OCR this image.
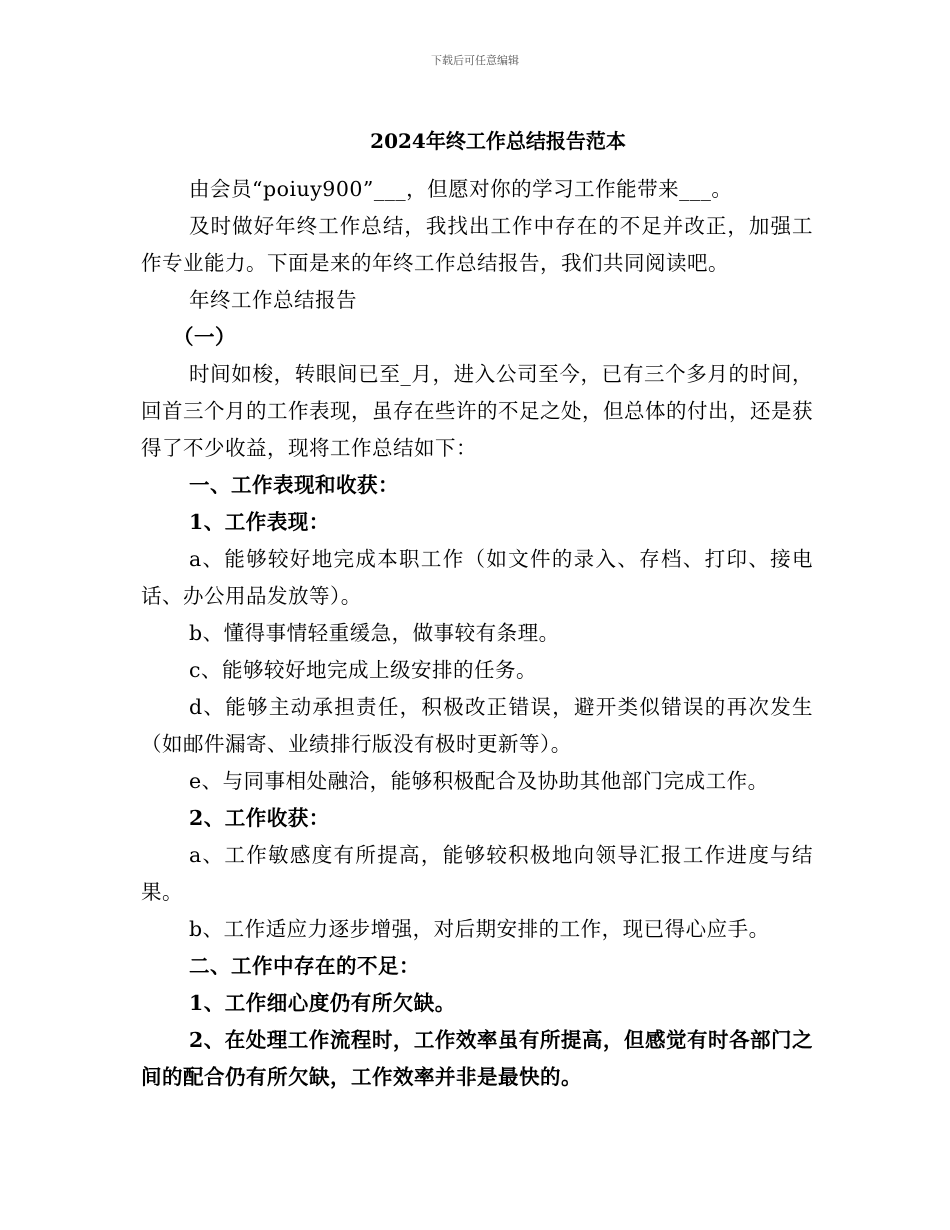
下载后可任意编辑
2024年终工作总结报告范本

由会员“poiuy900”___，但愿对你的学习工作能带来___。

及时做好年终工作总结，我找出工作中存在的不足并改正，加强工作专业能力。下面是来的年终工作总结报告，我们共同阅读吧。

年终工作总结报告

（一）

时间如梭，转眼间已至_月，进入公司至今，已有三个多月的时间，回首三个月的工作表现，虽存在些许的不足之处，但总体的付出，还是获得了不少收益，现将工作总结如下：

一、工作表现和收获：

1、工作表现：

a、能够较好地完成本职工作（如文件的录入、存档、打印、接电话、办公用品发放等）。

b、懂得事情轻重缓急，做事较有条理。

c、能够较好地完成上级安排的任务。

d、能够主动承担责任，积极改正错误，避开类似错误的再次发生（如邮件漏寄、业绩排行版没有极时更新等）。

e、与同事相处融洽，能够积极配合及协助其他部门完成工作。

2、工作收获：

a、工作敏感度有所提高，能够较积极地向领导汇报工作进度与结果。

b、工作适应力逐步增强，对后期安排的工作，现已得心应手。

二、工作中存在的不足：

1、工作细心度仍有所欠缺。

2、在处理工作流程时，工作效率虽有所提高，但感觉有时各部门之间的配合仍有所欠缺，工作效率并非是最快的。
